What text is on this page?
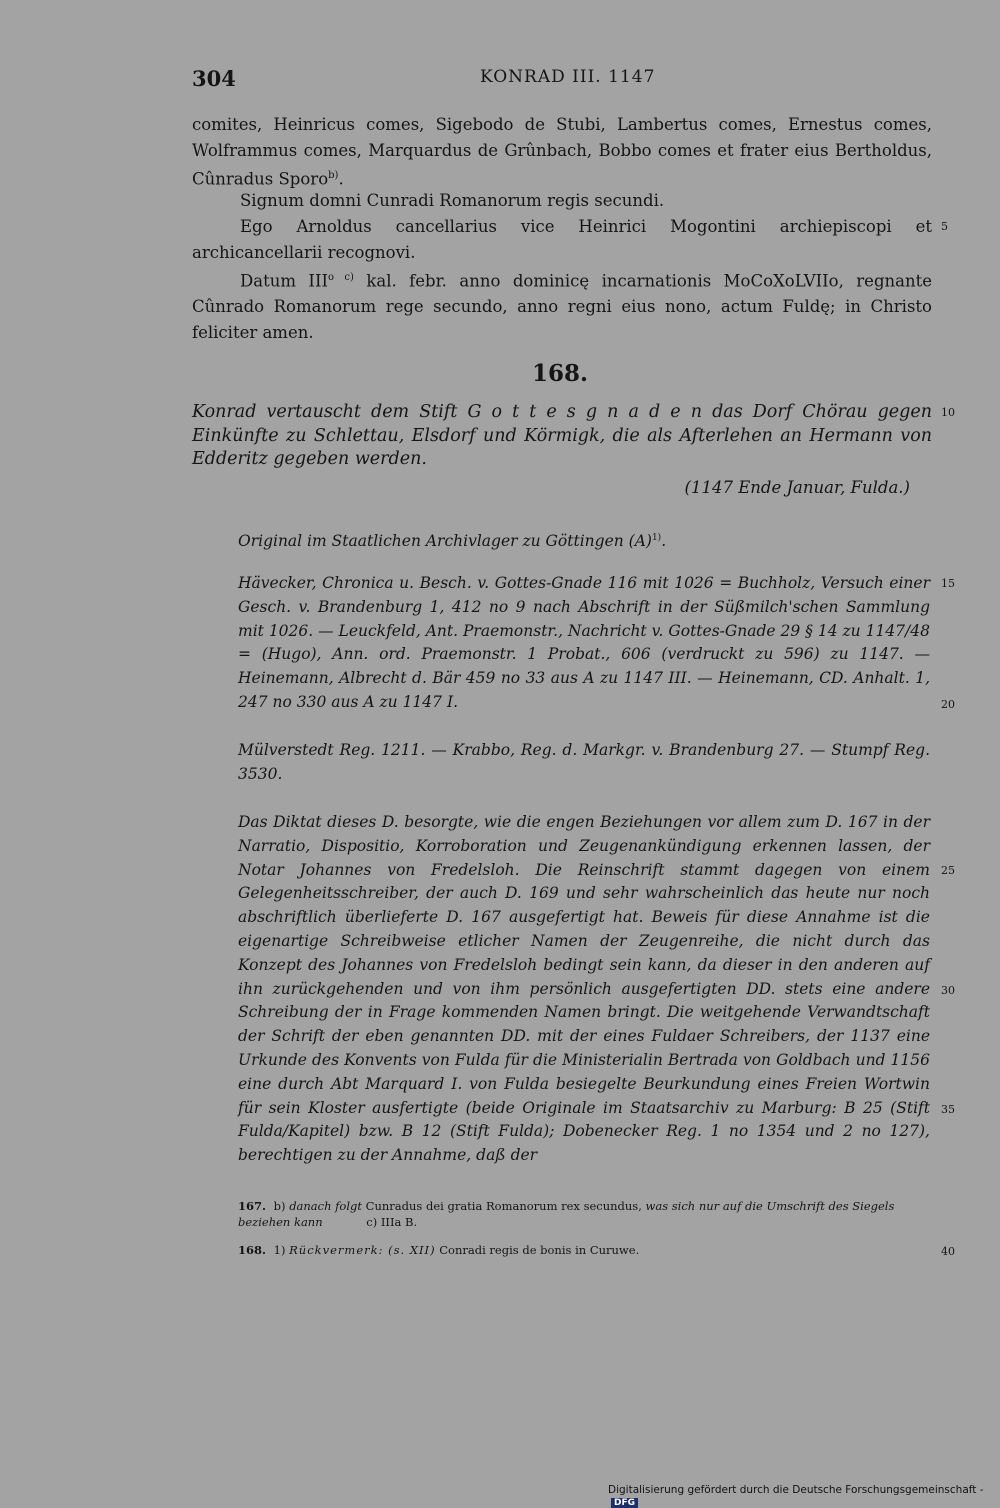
304	KONRAD III. 1147

comites, Heinricus comes, Sigebodo de Stubi, Lambertus comes, Ernestus comes, Wolframmus comes, Marquardus de Grûnbach, Bobbo comes et frater eius Bertholdus, Cûnradus Sporo$^{b)}$.

Signum domni Cunradi Romanorum regis secundi.

Ego Arnoldus cancellarius vice Heinrici Mogontini archiepiscopi et archicancellarii recognovi.

Datum $III^{o c)}$ kal. febr. anno dominicę incarnationis MoCoXoLVIIo, regnante Cûnrado Romanorum rege secundo, anno regni eius nono, actum Fuldę; in Christo feliciter amen.

168.

Konrad vertauscht dem Stift G o t t e s g n a d e n das Dorf Chörau gegen Einkünfte zu Schlettau, Elsdorf und Körmigk, die als Afterlehen an Hermann von Edderitz gegeben werden.

(1147 Ende Januar, Fulda.)

Original im Staatlichen Archivlager zu Göttingen $(A)^{1)}$.

Hävecker, Chronica u. Besch. v. Gottes-Gnade 116 mit 1026 = Buchholz, Versuch einer Gesch. v. Brandenburg 1, 412 no 9 nach Abschrift in der Süßmilch'schen Sammlung mit 1026. — Leuckfeld, Ant. Praemonstr., Nachricht v. Gottes-Gnade 29 § 14 zu 1147/48 = (Hugo), Ann. ord. Praemonstr. 1 Probat., 606 (verdruckt zu 596) zu 1147. — Heinemann, Albrecht d. Bär 459 no 33 aus A zu 1147 III. — Heinemann, CD. Anhalt. 1, 247 no 330 aus A zu 1147 I.

Mülverstedt Reg. 1211. — Krabbo, Reg. d. Markgr. v. Brandenburg 27. — Stumpf Reg. 3530.

Das Diktat dieses D. besorgte, wie die engen Beziehungen vor allem zum D. 167 in der Narratio, Dispositio, Korroboration und Zeugenankündigung erkennen lassen, der Notar Johannes von Fredelsloh. Die Reinschrift stammt dagegen von einem Gelegenheitsschreiber, der auch D. 169 und sehr wahrscheinlich das heute nur noch abschriftlich überlieferte D. 167 ausgefertigt hat. Beweis für diese Annahme ist die eigenartige Schreibweise etlicher Namen der Zeugenreihe, die nicht durch das Konzept des Johannes von Fredelsloh bedingt sein kann, da dieser in den anderen auf ihn zurückgehenden und von ihm persönlich ausgefertigten DD. stets eine andere Schreibung der in Frage kommenden Namen bringt. Die weitgehende Verwandtschaft der Schrift der eben genannten DD. mit der eines Fuldaer Schreibers, der 1137 eine Urkunde des Konvents von Fulda für die Ministerialin Bertrada von Goldbach und 1156 eine durch Abt Marquard I. von Fulda besiegelte Beurkundung eines Freien Wortwin für sein Kloster ausfertigte (beide Originale im Staatsarchiv zu Marburg: B 25 (Stift Fulda/Kapitel) bzw. B 12 (Stift Fulda); Dobenecker Reg. 1 no 1354 und 2 no 127), berechtigen zu der Annahme, daß der

167. b) danach folgt Cunradus dei gratia Romanorum rex secundus, was sich nur auf die Umschrift des Siegels beziehen kann	c) IIIa B.
168. 1) Rückvermerk: (s. XII) Conradi regis de bonis in Curuwe.
5
10
15
20
25
30
35
40
Digitalisierung gefördert durch die Deutsche Forschungsgemeinschaft -DFG
